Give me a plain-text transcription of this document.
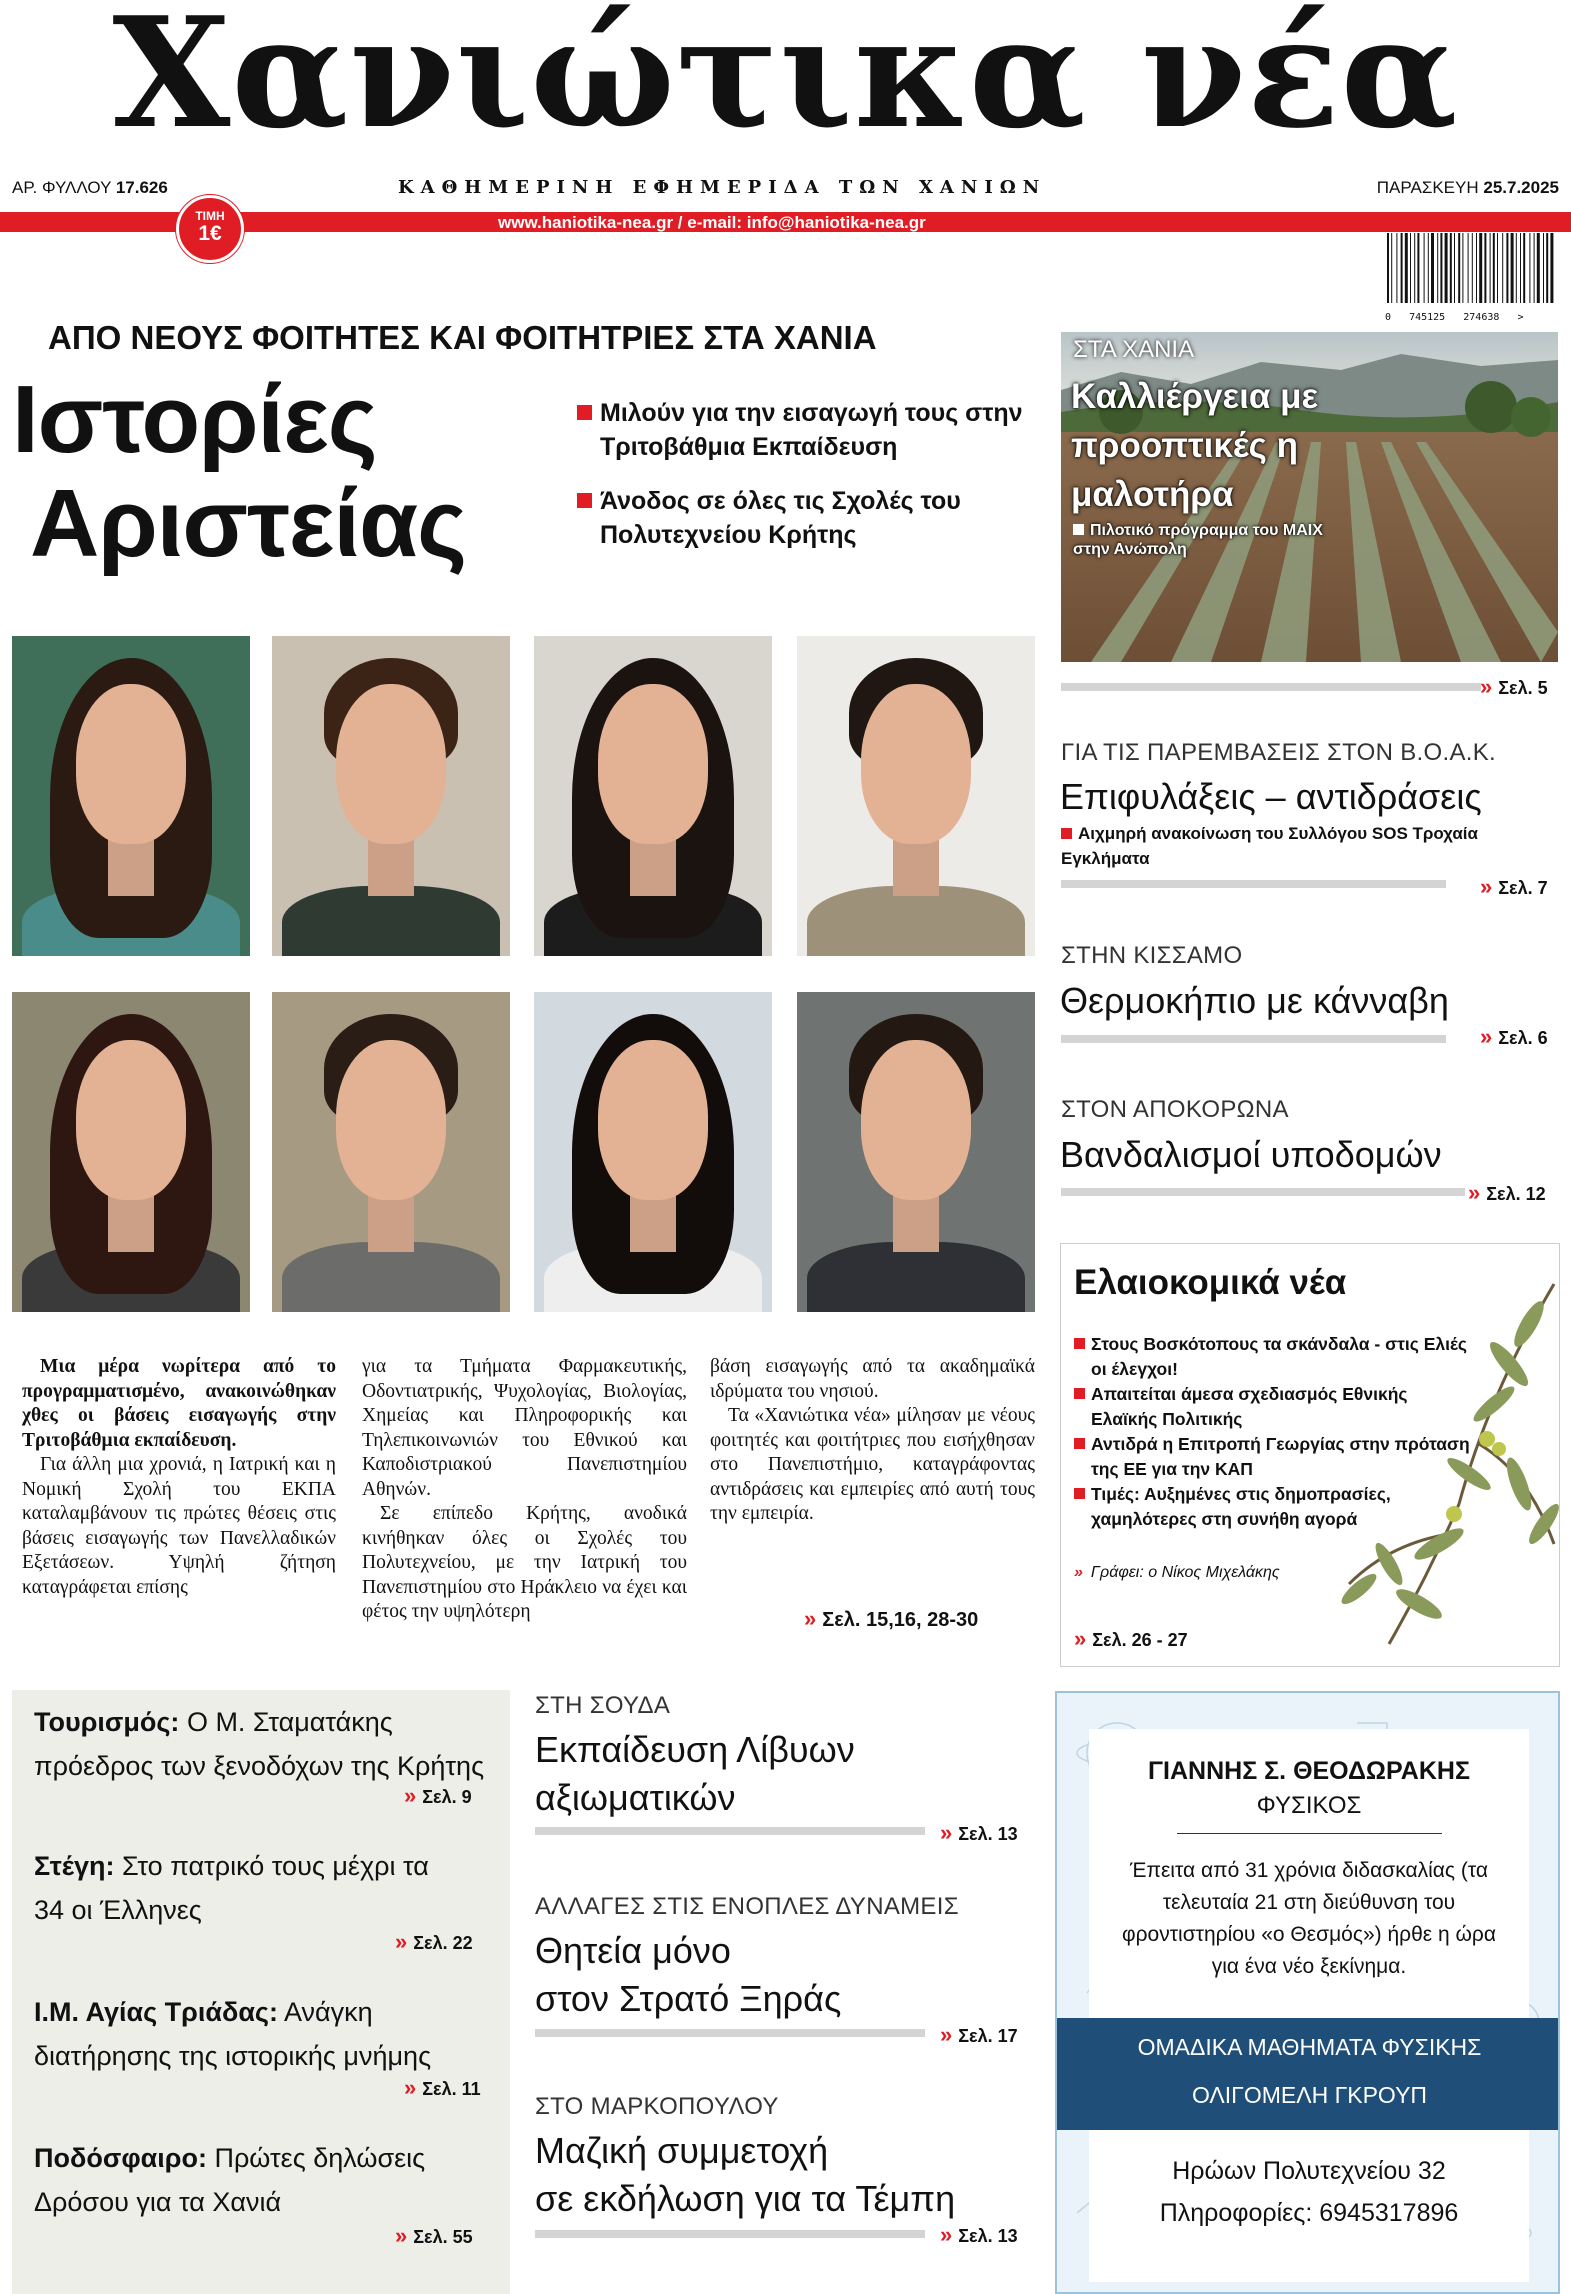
Χανιώτικα νέα
ΑΡ. ΦΥΛΛΟΥ 17.626	ΚΑΘΗΜΕΡΙΝΗ ΕΦΗΜΕΡΙΔΑ ΤΩΝ ΧΑΝΙΩΝ	ΠΑΡΑΣΚΕΥΗ 25.7.2025
www.haniotika-nea.gr / e-mail: info@haniotika-nea.gr
ΤΙΜΗ
1€
0   745125   274638   >
ΑΠΟ ΝΕΟΥΣ ΦΟΙΤΗΤΕΣ ΚΑΙ ΦΟΙΤΗΤΡΙΕΣ ΣΤΑ ΧΑΝΙΑ
Ιστορίες
Αριστείας
Μιλούν για την εισαγωγή τους στην Τριτοβάθμια Εκπαίδευση
Άνοδος σε όλες τις Σχολές του Πολυτεχνείου Κρήτης

Μια μέρα νωρίτερα από το προγραμματισμένο, ανακοινώθηκαν χθες οι βάσεις εισαγωγής στην Τριτοβάθμια εκπαίδευση.

Για άλλη μια χρονιά, η Ιατρική και η Νομική Σχολή του ΕΚΠΑ καταλαμβάνουν τις πρώτες θέσεις στις βάσεις εισαγωγής των Πανελλαδικών Εξετάσεων. Υψηλή ζήτηση καταγράφεται επίσης

για τα Τμήματα Φαρμακευτικής, Οδοντιατρικής, Ψυχολογίας, Βιολογίας, Χημείας και Πληροφορικής και Τηλεπικοινωνιών του Εθνικού και Καποδιστριακού Πανεπιστημίου Αθηνών.

Σε επίπεδο Κρήτης, ανοδικά κινήθηκαν όλες οι Σχολές του Πολυτεχνείου, με την Ιατρική του Πανεπιστημίου στο Ηράκλειο να έχει και φέτος την υψηλότερη

βάση εισαγωγής από τα ακαδημαϊκά ιδρύματα του νησιού.

Τα «Χανιώτικα νέα» μίλησαν με νέους φοιτητές και φοιτήτριες που εισήχθησαν στο Πανεπιστήμιο, καταγράφοντας αντιδράσεις και εμπειρίες από αυτή τους την εμπειρία.

» Σελ. 15,16, 28-30
ΣΤΑ ΧΑΝΙΑ
Καλλιέργεια με προοπτικές η μαλοτήρα
Πιλοτικό πρόγραμμα του ΜΑΙΧ στην Ανώπολη
» Σελ. 5
ΓΙΑ ΤΙΣ ΠΑΡΕΜΒΑΣΕΙΣ ΣΤΟΝ Β.Ο.Α.Κ.
Επιφυλάξεις – αντιδράσεις
Αιχμηρή ανακοίνωση του Συλλόγου SOS Τροχαία Εγκλήματα
» Σελ. 7
ΣΤΗΝ ΚΙΣΣΑΜΟ
Θερμοκήπιο με κάνναβη
» Σελ. 6
ΣΤΟΝ ΑΠΟΚΟΡΩΝΑ
Βανδαλισμοί υποδομών
» Σελ. 12
Ελαιοκομικά νέα
Στους Βοσκότοπους τα σκάνδαλα - στις Ελιές οι έλεγχοι!
Απαιτείται άμεσα σχεδιασμός Εθνικής Ελαϊκής Πολιτικής
Αντιδρά η Επιτροπή Γεωργίας στην πρόταση της ΕΕ για την ΚΑΠ
Τιμές: Αυξημένες στις δημοπρασίες, χαμηλότερες στη συνήθη αγορά
» Γράφει: ο Νίκος Μιχελάκης
» Σελ. 26 - 27

Τουρισμός: Ο Μ. Σταματάκης πρόεδρος των ξενοδόχων της Κρήτης

» Σελ. 9

Στέγη: Στο πατρικό τους μέχρι τα 34 οι Έλληνες

» Σελ. 22

Ι.Μ. Αγίας Τριάδας: Ανάγκη διατήρησης της ιστορικής μνήμης

» Σελ. 11

Ποδόσφαιρο: Πρώτες δηλώσεις Δρόσου για τα Χανιά

» Σελ. 55
ΣΤΗ ΣΟΥΔΑ
Εκπαίδευση Λίβυων
αξιωματικών
» Σελ. 13
ΑΛΛΑΓΕΣ ΣΤΙΣ ΕΝΟΠΛΕΣ ΔΥΝΑΜΕΙΣ
Θητεία μόνο
στον Στρατό Ξηράς
» Σελ. 17
ΣΤΟ ΜΑΡΚΟΠΟΥΛΟΥ
Μαζική συμμετοχή
σε εκδήλωση για τα Τέμπη
» Σελ. 13
ΓΙΑΝΝΗΣ Σ. ΘΕΟΔΩΡΑΚΗΣ
ΦΥΣΙΚΟΣ
Έπειτα από 31 χρόνια διδασκαλίας (τα τελευταία 21 στη διεύθυνση του φροντιστηρίου «ο Θεσμός») ήρθε η ώρα για ένα νέο ξεκίνημα.
ΟΜΑΔΙΚΑ ΜΑΘΗΜΑΤΑ ΦΥΣΙΚΗΣ
ΟΛΙΓΟΜΕΛΗ ΓΚΡΟΥΠ
Ηρώων Πολυτεχνείου 32
Πληροφορίες: 6945317896
